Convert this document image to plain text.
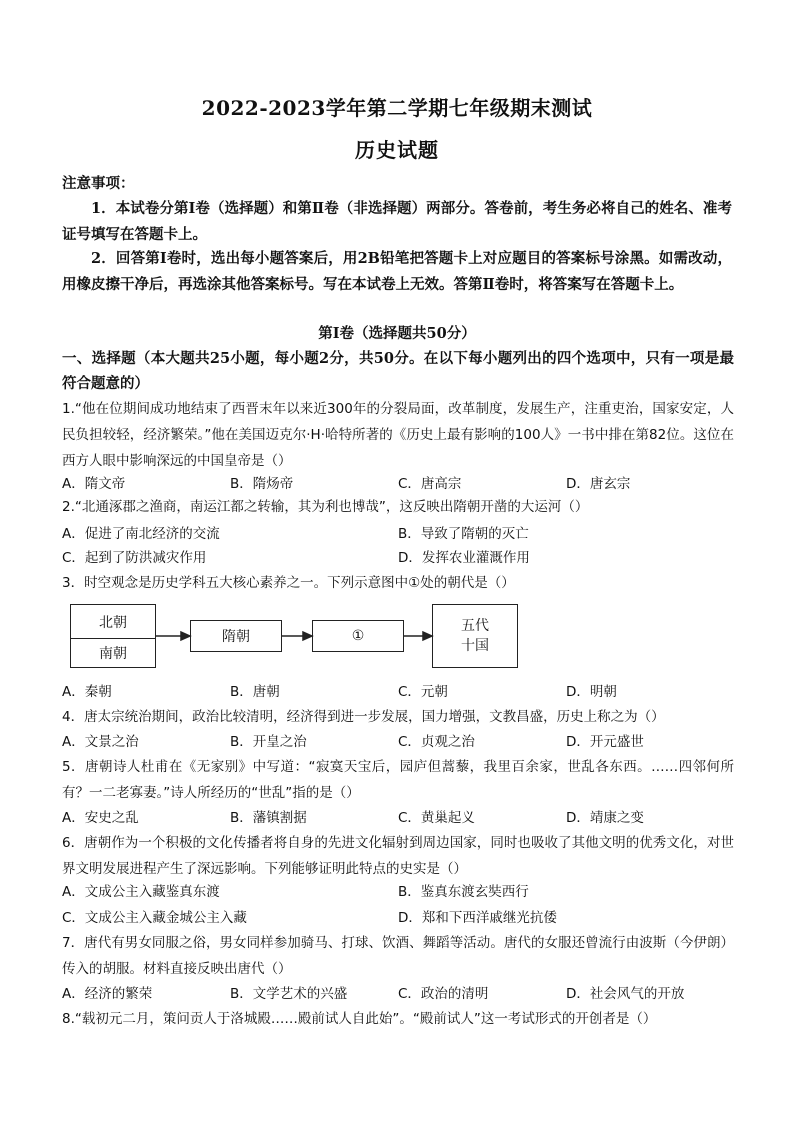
2022-2023学年第二学期七年级期末测试
历史试题
注意事项：
1．本试卷分第Ⅰ卷（选择题）和第Ⅱ卷（非选择题）两部分。答卷前，考生务必将自己的姓名、准考证号填写在答题卡上。
2．回答第Ⅰ卷时，选出每小题答案后，用2B铅笔把答题卡上对应题目的答案标号涂黑。如需改动，用橡皮擦干净后，再选涂其他答案标号。写在本试卷上无效。答第Ⅱ卷时，将答案写在答题卡上。
第Ⅰ卷（选择题共50分）
一、选择题（本大题共25小题，每小题2分，共50分。在以下每小题列出的四个选项中，只有一项是最符合题意的）
1.“他在位期间成功地结束了西晋末年以来近300年的分裂局面，改革制度，发展生产，注重吏治，国家安定，人民负担较轻，经济繁荣。”他在美国迈克尔·H·哈特所著的《历史上最有影响的100人》一书中排在第82位。这位在西方人眼中影响深远的中国皇帝是（）
A．隋文帝	B．隋炀帝	C．唐高宗	D．唐玄宗
2.“北通涿郡之渔商，南运江都之转输，其为利也博哉”，这反映出隋朝开凿的大运河（）
A．促进了南北经济的交流	B．导致了隋朝的灭亡
C．起到了防洪减灾作用	D．发挥农业灌溉作用
3．时空观念是历史学科五大核心素养之一。下列示意图中①处的朝代是（）
北朝
南朝
隋朝	①
五代
十国
A．秦朝	B．唐朝	C．元朝	D．明朝
4．唐太宗统治期间，政治比较清明，经济得到进一步发展，国力增强，文教昌盛，历史上称之为（）
A．文景之治	B．开皇之治	C．贞观之治	D．开元盛世
5．唐朝诗人杜甫在《无家别》中写道：“寂寞天宝后，园庐但蒿藜，我里百余家，世乱各东西。……四邻何所有？一二老寡妻。”诗人所经历的“世乱”指的是（）
A．安史之乱	B．藩镇割据	C．黄巢起义	D．靖康之变
6．唐朝作为一个积极的文化传播者将自身的先进文化辐射到周边国家，同时也吸收了其他文明的优秀文化，对世界文明发展进程产生了深远影响。下列能够证明此特点的史实是（）
A．文成公主入藏鉴真东渡	B．鉴真东渡玄奘西行
C．文成公主入藏金城公主入藏	D．郑和下西洋戚继光抗倭
7．唐代有男女同服之俗，男女同样参加骑马、打球、饮酒、舞蹈等活动。唐代的女服还曾流行由波斯（今伊朗）传入的胡服。材料直接反映出唐代（）
A．经济的繁荣	B．文学艺术的兴盛	C．政治的清明	D．社会风气的开放
8.“载初元二月，策问贡人于洛城殿……殿前试人自此始”。“殿前试人”这一考试形式的开创者是（）
